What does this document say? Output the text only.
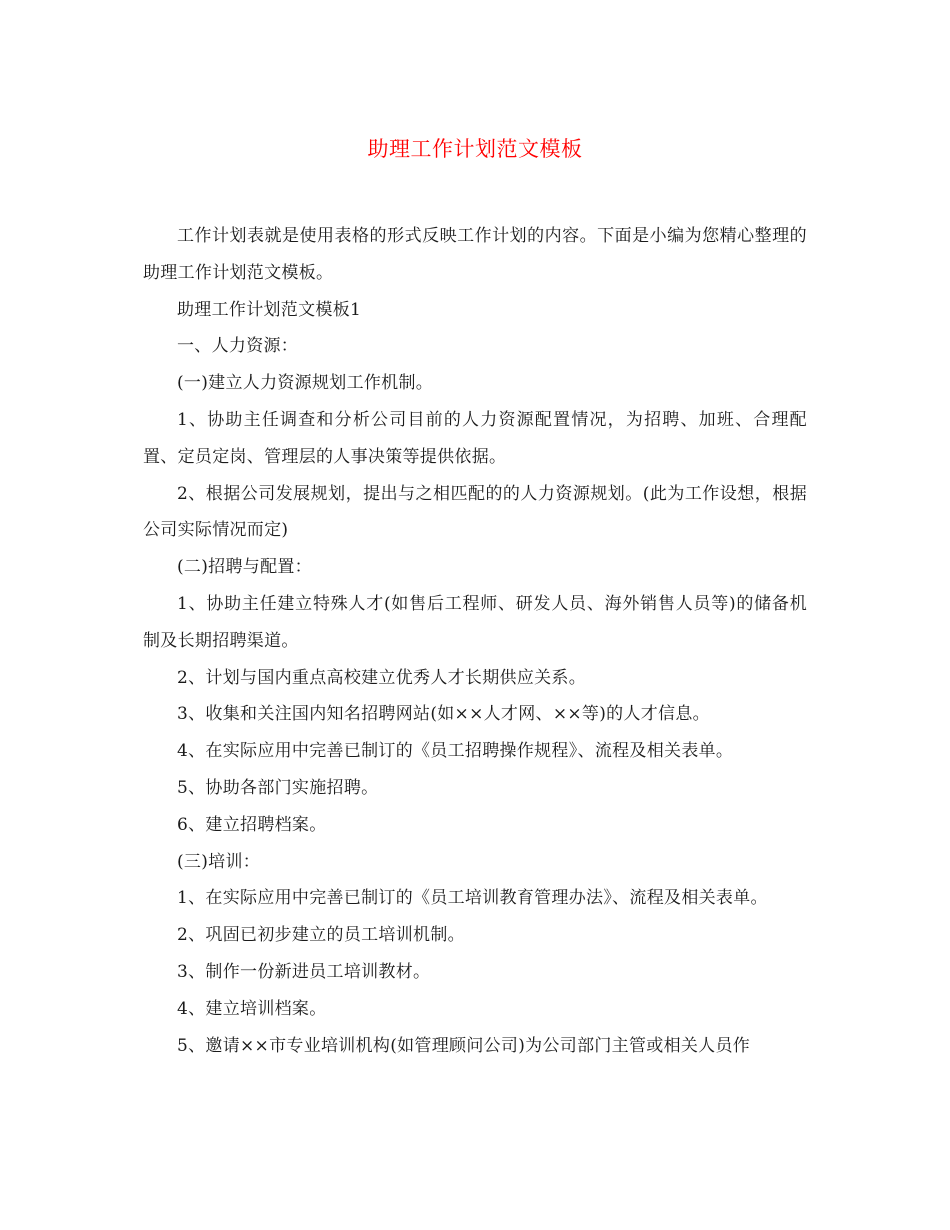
助理工作计划范文模板

工作计划表就是使用表格的形式反映工作计划的内容。下面是小编为您精心整理的助理工作计划范文模板。

助理工作计划范文模板1

一、人力资源：

(一)建立人力资源规划工作机制。

1、协助主任调查和分析公司目前的人力资源配置情况，为招聘、加班、合理配置、定员定岗、管理层的人事决策等提供依据。

2、根据公司发展规划，提出与之相匹配的的人力资源规划。(此为工作设想，根据公司实际情况而定)

(二)招聘与配置：

1、协助主任建立特殊人才(如售后工程师、研发人员、海外销售人员等)的储备机制及长期招聘渠道。

2、计划与国内重点高校建立优秀人才长期供应关系。

3、收集和关注国内知名招聘网站(如××人才网、××等)的人才信息。

4、在实际应用中完善已制订的《员工招聘操作规程》、流程及相关表单。

5、协助各部门实施招聘。

6、建立招聘档案。

(三)培训：

1、在实际应用中完善已制订的《员工培训教育管理办法》、流程及相关表单。

2、巩固已初步建立的员工培训机制。

3、制作一份新进员工培训教材。

4、建立培训档案。

5、邀请××市专业培训机构(如管理顾问公司)为公司部门主管或相关人员作
